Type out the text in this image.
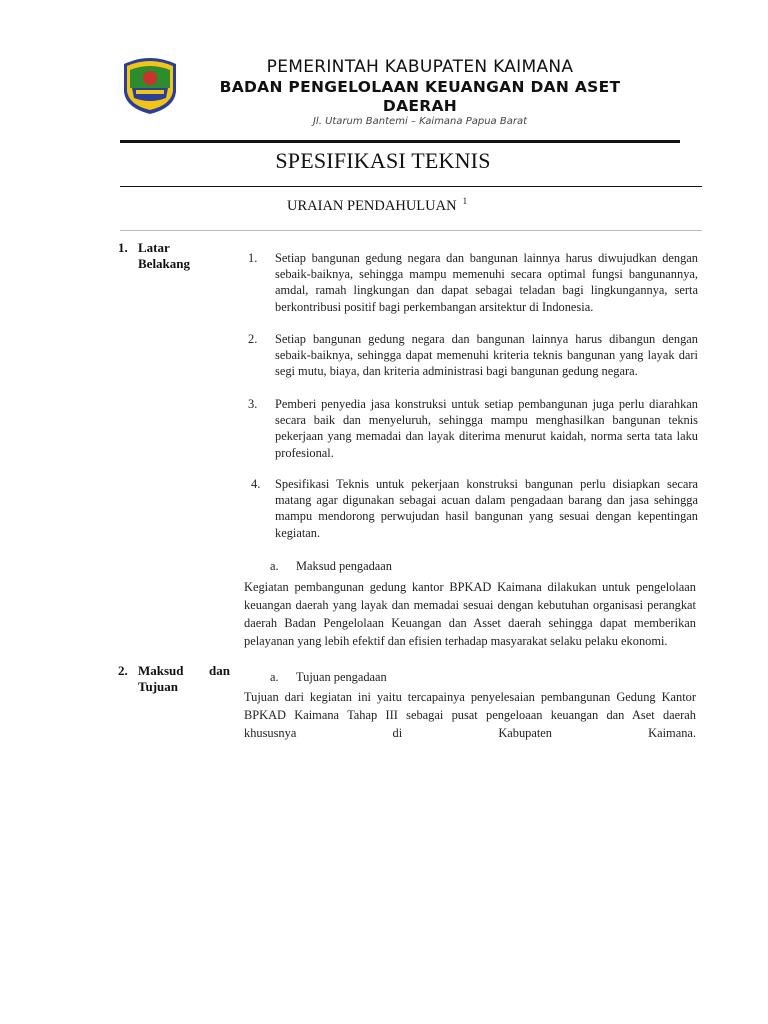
PEMERINTAH KABUPATEN KAIMANA
BADAN PENGELOLAAN KEUANGAN DAN ASET DAERAH
Jl. Utarum Bantemi – Kaimana Papua Barat
SPESIFIKASI TEKNIS
URAIAN PENDAHULUAN $^1$
1. Latar Belakang	1. Setiap bangunan gedung negara dan bangunan lainnya harus diwujudkan dengan sebaik-baiknya, sehingga mampu memenuhi secara optimal fungsi bangunannya, amdal, ramah lingkungan dan dapat sebagai teladan bagi lingkungannya, serta berkontribusi positif bagi perkembangan arsitektur di Indonesia.
2. Setiap bangunan gedung negara dan bangunan lainnya harus dibangun dengan sebaik-baiknya, sehingga dapat memenuhi kriteria teknis bangunan yang layak dari segi mutu, biaya, dan kriteria administrasi bagi bangunan gedung negara.
3. Pemberi penyedia jasa konstruksi untuk setiap pembangunan juga perlu diarahkan secara baik dan menyeluruh, sehingga mampu menghasilkan bangunan teknis pekerjaan yang memadai dan layak diterima menurut kaidah, norma serta tata laku profesional.
4. Spesifikasi Teknis untuk pekerjaan konstruksi bangunan perlu disiapkan secara matang agar digunakan sebagai acuan dalam pengadaan barang dan jasa sehingga mampu mendorong perwujudan hasil bangunan yang sesuai dengan kepentingan kegiatan.
a. Maksud pengadaan
Kegiatan pembangunan gedung kantor BPKAD Kaimana dilakukan untuk pengelolaan keuangan daerah yang layak dan memadai sesuai dengan kebutuhan organisasi perangkat daerah Badan Pengelolaan Keuangan dan Asset daerah sehingga dapat memberikan pelayanan yang lebih efektif dan efisien terhadap masyarakat selaku pelaku ekonomi.
2. Maksud dan
Tujuan
a. Tujuan pengadaan
Tujuan dari kegiatan ini yaitu tercapainya penyelesaian pembangunan Gedung Kantor BPKAD Kaimana Tahap III sebagai pusat pengeloaan keuangan dan Aset daerah khususnya di Kabupaten Kaimana.
